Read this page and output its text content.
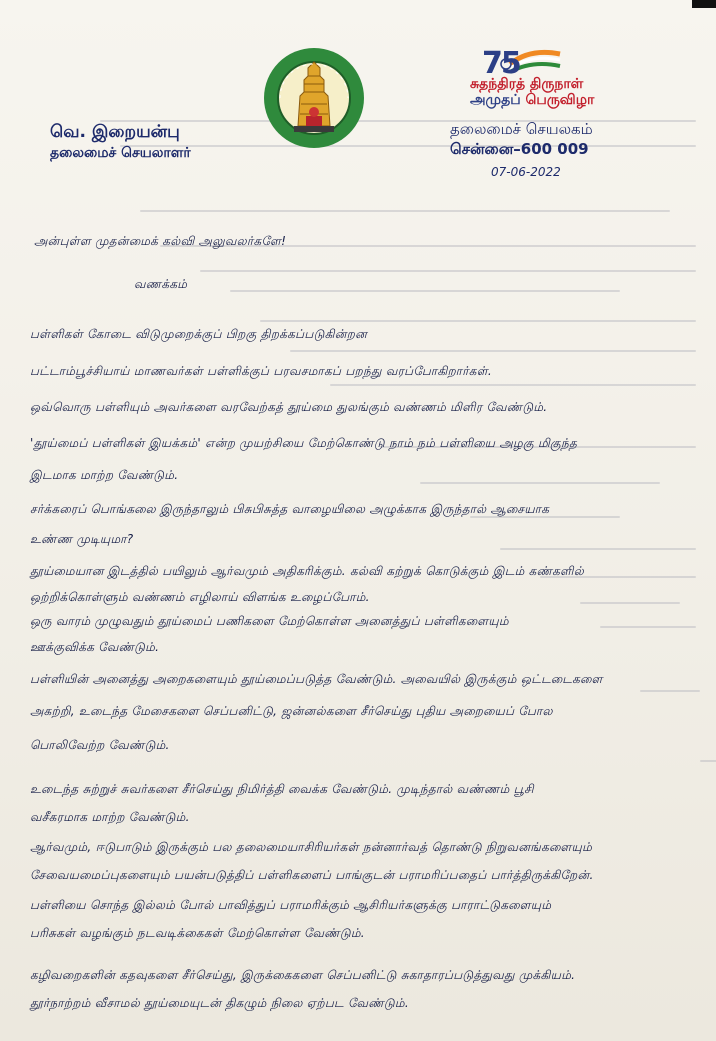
75
சுதந்திரத் திருநாள்
அமுதப் பெருவிழா
வெ. இறையன்பு
தலைமைச் செயலாளர்
தலைமைச் செயலகம்
சென்னை–600 009
07-06-2022
அன்புள்ள முதன்மைக் கல்வி அலுவலர்களே!
வணக்கம்
பள்ளிகள் கோடை விடுமுறைக்குப் பிறகு திறக்கப்படுகின்றன
பட்டாம்பூச்சியாய் மாணவர்கள் பள்ளிக்குப் பரவசமாகப் பறந்து வரப்போகிறார்கள்.
ஒவ்வொரு பள்ளியும் அவர்களை வரவேற்கத் தூய்மை துலங்கும் வண்ணம் மிளிர வேண்டும்.
'தூய்மைப் பள்ளிகள் இயக்கம்' என்ற முயற்சியை மேற்கொண்டு நாம் நம் பள்ளியை அழகு மிகுந்த
இடமாக மாற்ற வேண்டும்.
சர்க்கரைப் பொங்கலை இருந்தாலும் பிசுபிசுத்த வாழையிலை அழுக்காக இருந்தால் ஆசையாக
உண்ண முடியுமா?
தூய்மையான இடத்தில் பயிலும் ஆர்வமும் அதிகரிக்கும். கல்வி கற்றுக் கொடுக்கும் இடம் கண்களில்
ஒற்றிக்கொள்ளும் வண்ணம் எழிலாய் விளங்க உழைப்போம்.
ஒரு வாரம் முழுவதும் தூய்மைப் பணிகளை மேற்கொள்ள அனைத்துப் பள்ளிகளையும்
ஊக்குவிக்க வேண்டும்.
பள்ளியின் அனைத்து அறைகளையும் தூய்மைப்படுத்த வேண்டும். அவையில் இருக்கும் ஒட்டடைகளை
அகற்றி, உடைந்த மேசைகளை செப்பனிட்டு, ஜன்னல்களை சீர்செய்து புதிய அறையைப் போல
பொலிவேற்ற வேண்டும்.
உடைந்த சுற்றுச் சுவர்களை சீர்செய்து நிமிர்த்தி வைக்க வேண்டும். முடிந்தால் வண்ணம் பூசி
வசீகரமாக மாற்ற வேண்டும்.
ஆர்வமும், ஈடுபாடும் இருக்கும் பல தலைமையாசிரியர்கள் நன்னார்வத் தொண்டு நிறுவனங்களையும்
சேவையமைப்புகளையும் பயன்படுத்திப் பள்ளிகளைப் பாங்குடன் பராமரிப்பதைப் பார்த்திருக்கிறேன்.
பள்ளியை சொந்த இல்லம் போல் பாவித்துப் பராமரிக்கும் ஆசிரியர்களுக்கு பாராட்டுகளையும்
பரிசுகள் வழங்கும் நடவடிக்கைகள் மேற்கொள்ள வேண்டும்.
கழிவறைகளின் கதவுகளை சீர்செய்து, இருக்கைகளை செப்பனிட்டு சுகாதாரப்படுத்துவது முக்கியம்.
தூர்நாற்றம் வீசாமல் தூய்மையுடன் திகழும் நிலை ஏற்பட வேண்டும்.
